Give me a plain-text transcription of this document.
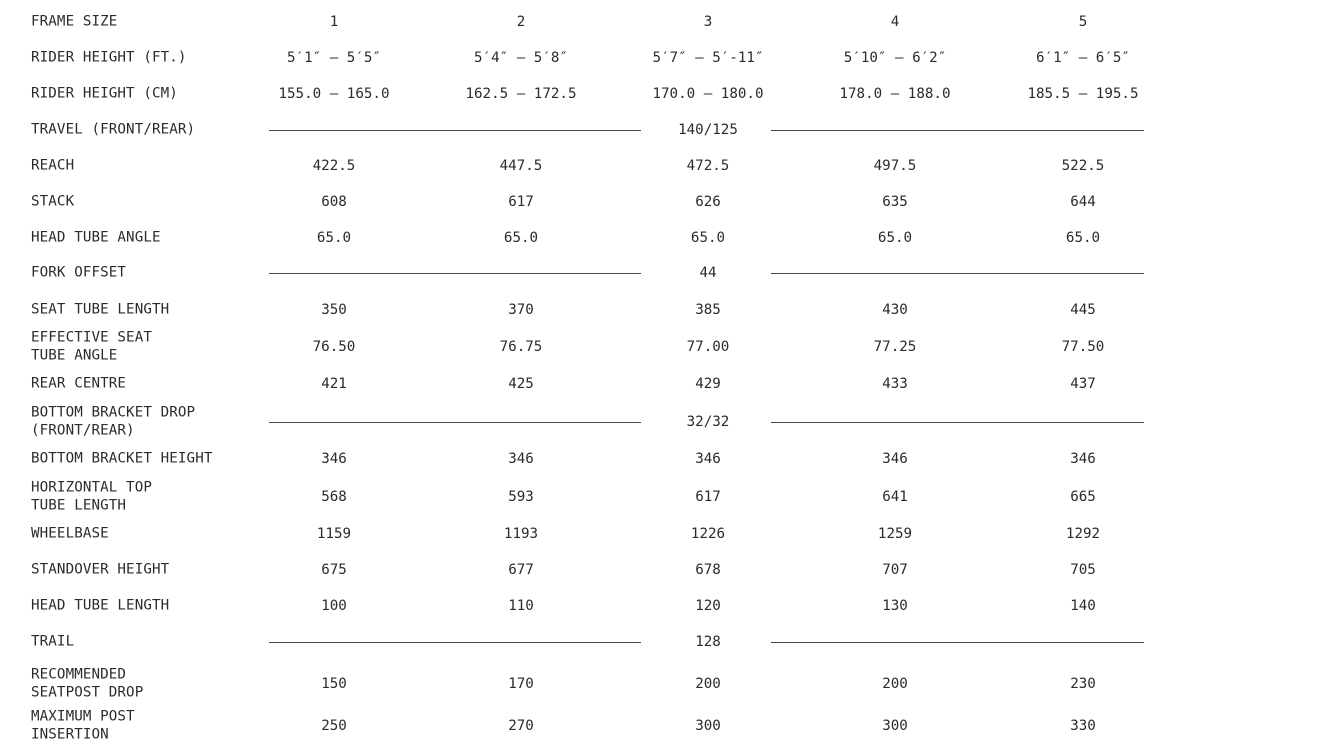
FRAME SIZE	1	2	3	4	5
RIDER HEIGHT (FT.)	5′1″ – 5′5″	5′4″ – 5′8″	5′7″ – 5′-11″	5′10″ – 6′2″	6′1″ – 6′5″
RIDER HEIGHT (CM)	155.0 – 165.0	162.5 – 172.5	170.0 – 180.0	178.0 – 188.0	185.5 – 195.5
TRAVEL (FRONT/REAR)	140/125
REACH	422.5	447.5	472.5	497.5	522.5
STACK	608	617	626	635	644
HEAD TUBE ANGLE	65.0	65.0	65.0	65.0	65.0
FORK OFFSET	44
SEAT TUBE LENGTH	350	370	385	430	445
EFFECTIVE SEAT
TUBE ANGLE	76.50	76.75	77.00	77.25	77.50
REAR CENTRE	421	425	429	433	437
BOTTOM BRACKET DROP
(FRONT/REAR)	32/32
BOTTOM BRACKET HEIGHT	346	346	346	346	346
HORIZONTAL TOP
TUBE LENGTH	568	593	617	641	665
WHEELBASE	1159	1193	1226	1259	1292
STANDOVER HEIGHT	675	677	678	707	705
HEAD TUBE LENGTH	100	110	120	130	140
TRAIL	128
RECOMMENDED
SEATPOST DROP	150	170	200	200	230
MAXIMUM POST
INSERTION	250	270	300	300	330
